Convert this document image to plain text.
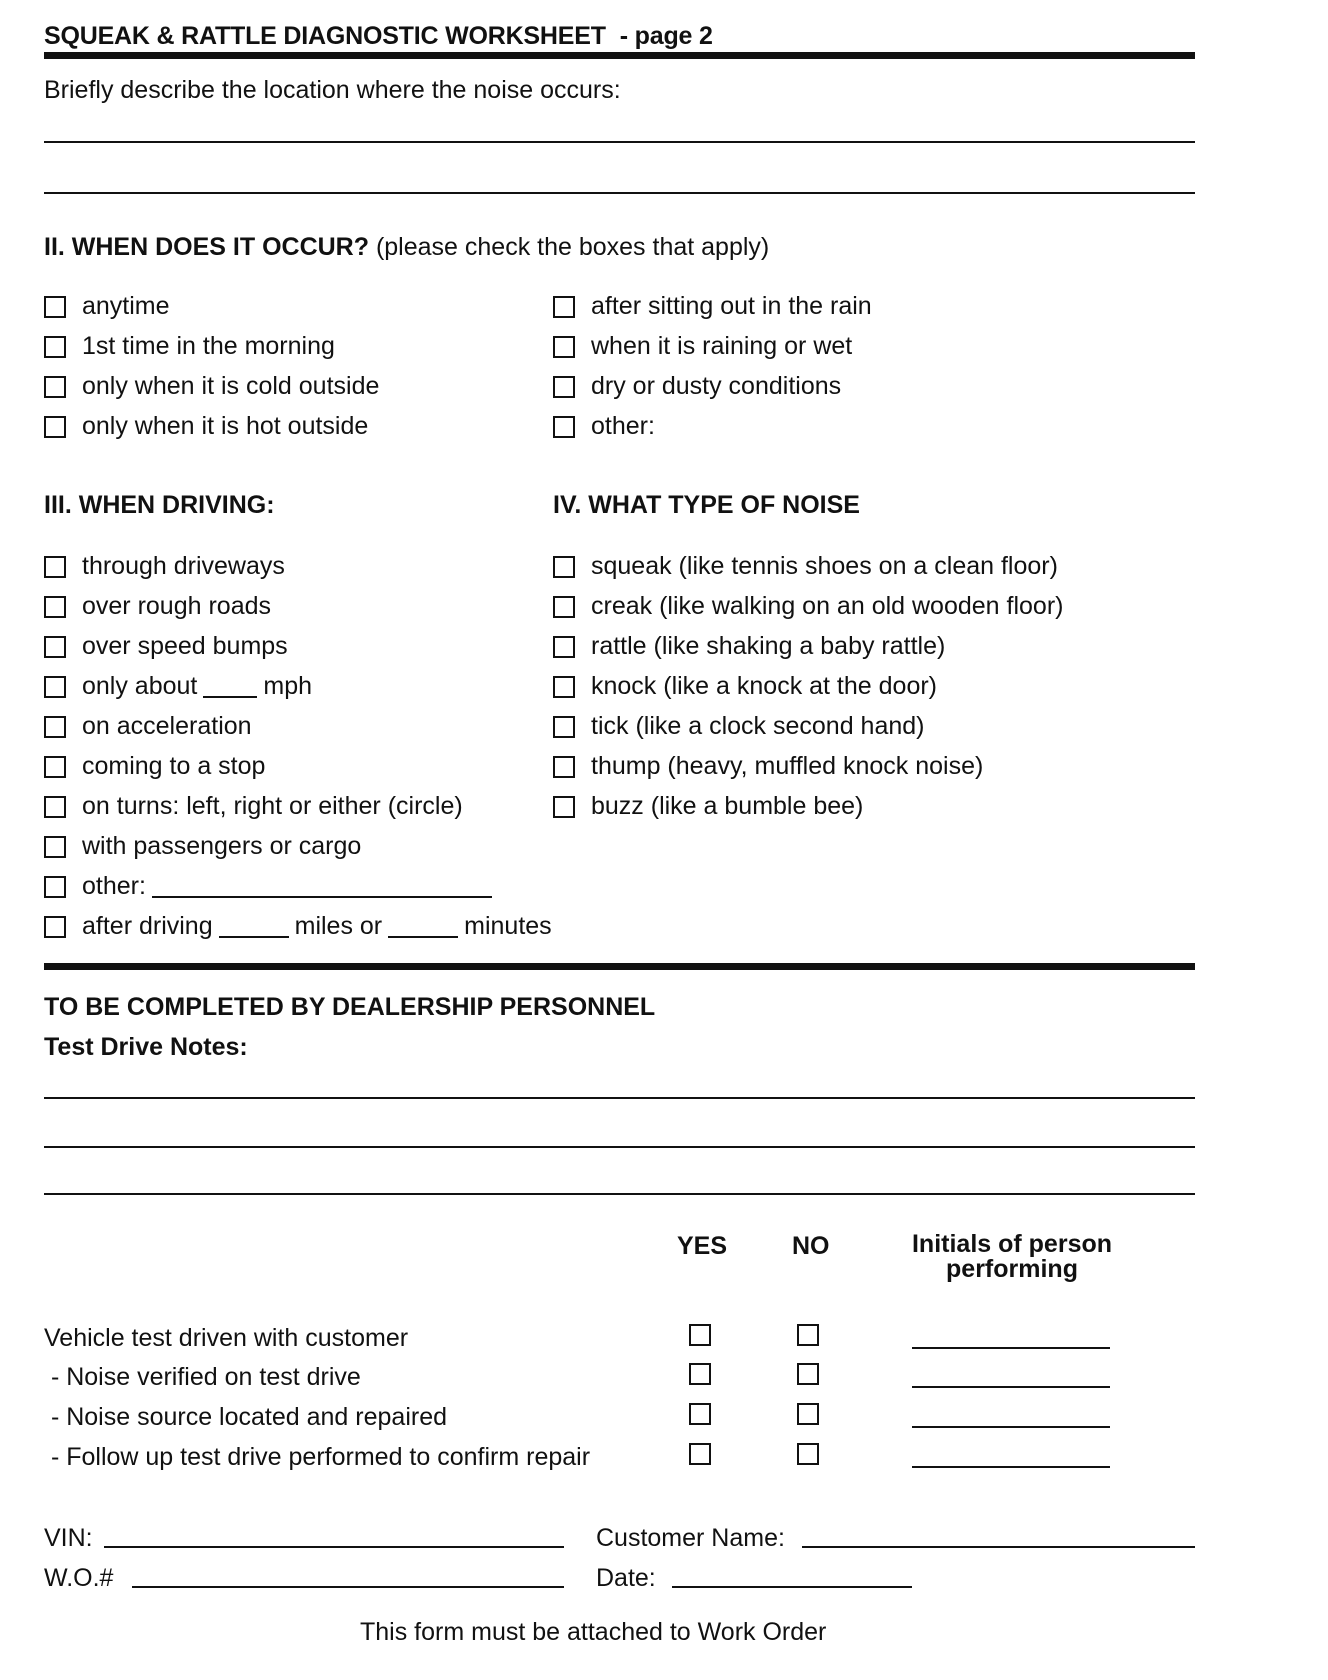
SQUEAK & RATTLE DIAGNOSTIC WORKSHEET - page 2
Briefly describe the location where the noise occurs:
II. WHEN DOES IT OCCUR? (please check the boxes that apply)
anytime
1st time in the morning
only when it is cold outside
only when it is hot outside
after sitting out in the rain
when it is raining or wet
dry or dusty conditions
other:
III. WHEN DRIVING:	IV. WHAT TYPE OF NOISE
through driveways
over rough roads
over speed bumps
only about	mph
on acceleration
coming to a stop
on turns: left, right or either (circle)
with passengers or cargo
other:
after driving	miles or	minutes
squeak (like tennis shoes on a clean floor)
creak (like walking on an old wooden floor)
rattle (like shaking a baby rattle)
knock (like a knock at the door)
tick (like a clock second hand)
thump (heavy, muffled knock noise)
buzz (like a bumble bee)
TO BE COMPLETED BY DEALERSHIP PERSONNEL
Test Drive Notes:
YES	NO	Initials of person
performing
Vehicle test driven with customer
- Noise verified on test drive
- Noise source located and repaired
- Follow up test drive performed to confirm repair
VIN:	Customer Name:
W.O.#	Date:
This form must be attached to Work Order
